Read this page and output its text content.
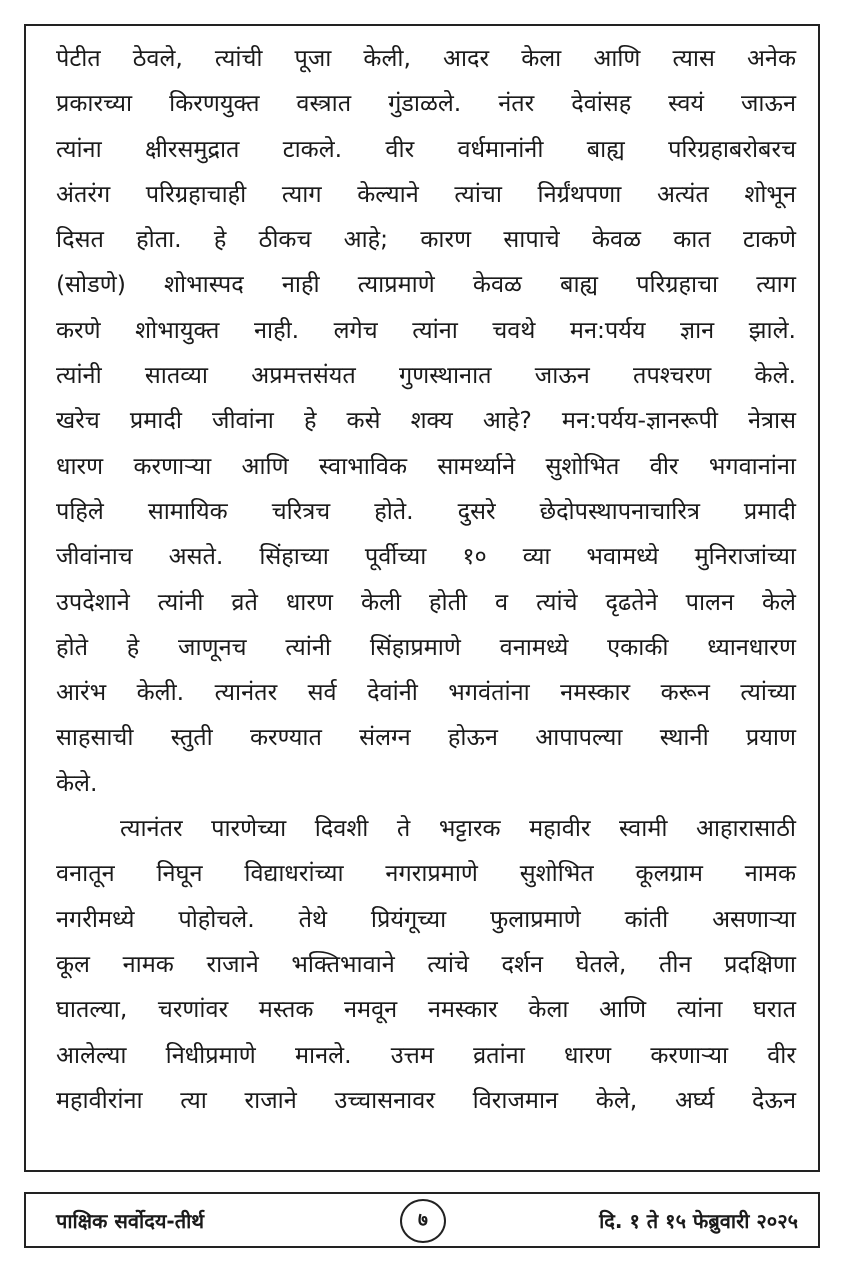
पेटीत ठेवले, त्यांची पूजा केली, आदर केला आणि त्यास अनेक
प्रकारच्या किरणयुक्त वस्त्रात गुंडाळले. नंतर देवांसह स्वयं जाऊन
त्यांना क्षीरसमुद्रात टाकले. वीर वर्धमानांनी बाह्य परिग्रहाबरोबरच
अंतरंग परिग्रहाचाही त्याग केल्याने त्यांचा निर्ग्रंथपणा अत्यंत शोभून
दिसत होता. हे ठीकच आहे; कारण सापाचे केवळ कात टाकणे
(सोडणे) शोभास्पद नाही त्याप्रमाणे केवळ बाह्य परिग्रहाचा त्याग
करणे शोभायुक्त नाही. लगेच त्यांना चवथे मन:पर्यय ज्ञान झाले.
त्यांनी सातव्या अप्रमत्तसंयत गुणस्थानात जाऊन तपश्चरण केले.
खरेच प्रमादी जीवांना हे कसे शक्य आहे? मन:पर्यय-ज्ञानरूपी नेत्रास
धारण करणाऱ्या आणि स्वाभाविक सामर्थ्याने सुशोभित वीर भगवानांना
पहिले सामायिक चरित्रच होते. दुसरे छेदोपस्थापनाचारित्र प्रमादी
जीवांनाच असते. सिंहाच्या पूर्वीच्या १० व्या भवामध्ये मुनिराजांच्या
उपदेशाने त्यांनी व्रते धारण केली होती व त्यांचे दृढतेने पालन केले
होते हे जाणूनच त्यांनी सिंहाप्रमाणे वनामध्ये एकाकी ध्यानधारण
आरंभ केली. त्यानंतर सर्व देवांनी भगवंतांना नमस्कार करून त्यांच्या
साहसाची स्तुती करण्यात संलग्न होऊन आपापल्या स्थानी प्रयाण
केले.
त्यानंतर पारणेच्या दिवशी ते भट्टारक महावीर स्वामी आहारासाठी
वनातून निघून विद्याधरांच्या नगराप्रमाणे सुशोभित कूलग्राम नामक
नगरीमध्ये पोहोचले. तेथे प्रियंगूच्या फुलाप्रमाणे कांती असणाऱ्या
कूल नामक राजाने भक्तिभावाने त्यांचे दर्शन घेतले, तीन प्रदक्षिणा
घातल्या, चरणांवर मस्तक नमवून नमस्कार केला आणि त्यांना घरात
आलेल्या निधीप्रमाणे मानले. उत्तम व्रतांना धारण करणाऱ्या वीर
महावीरांना त्या राजाने उच्चासनावर विराजमान केले, अर्घ्य देऊन
पाक्षिक सर्वोदय-तीर्थ	७	दि. १ ते १५ फेब्रुवारी २०२५
